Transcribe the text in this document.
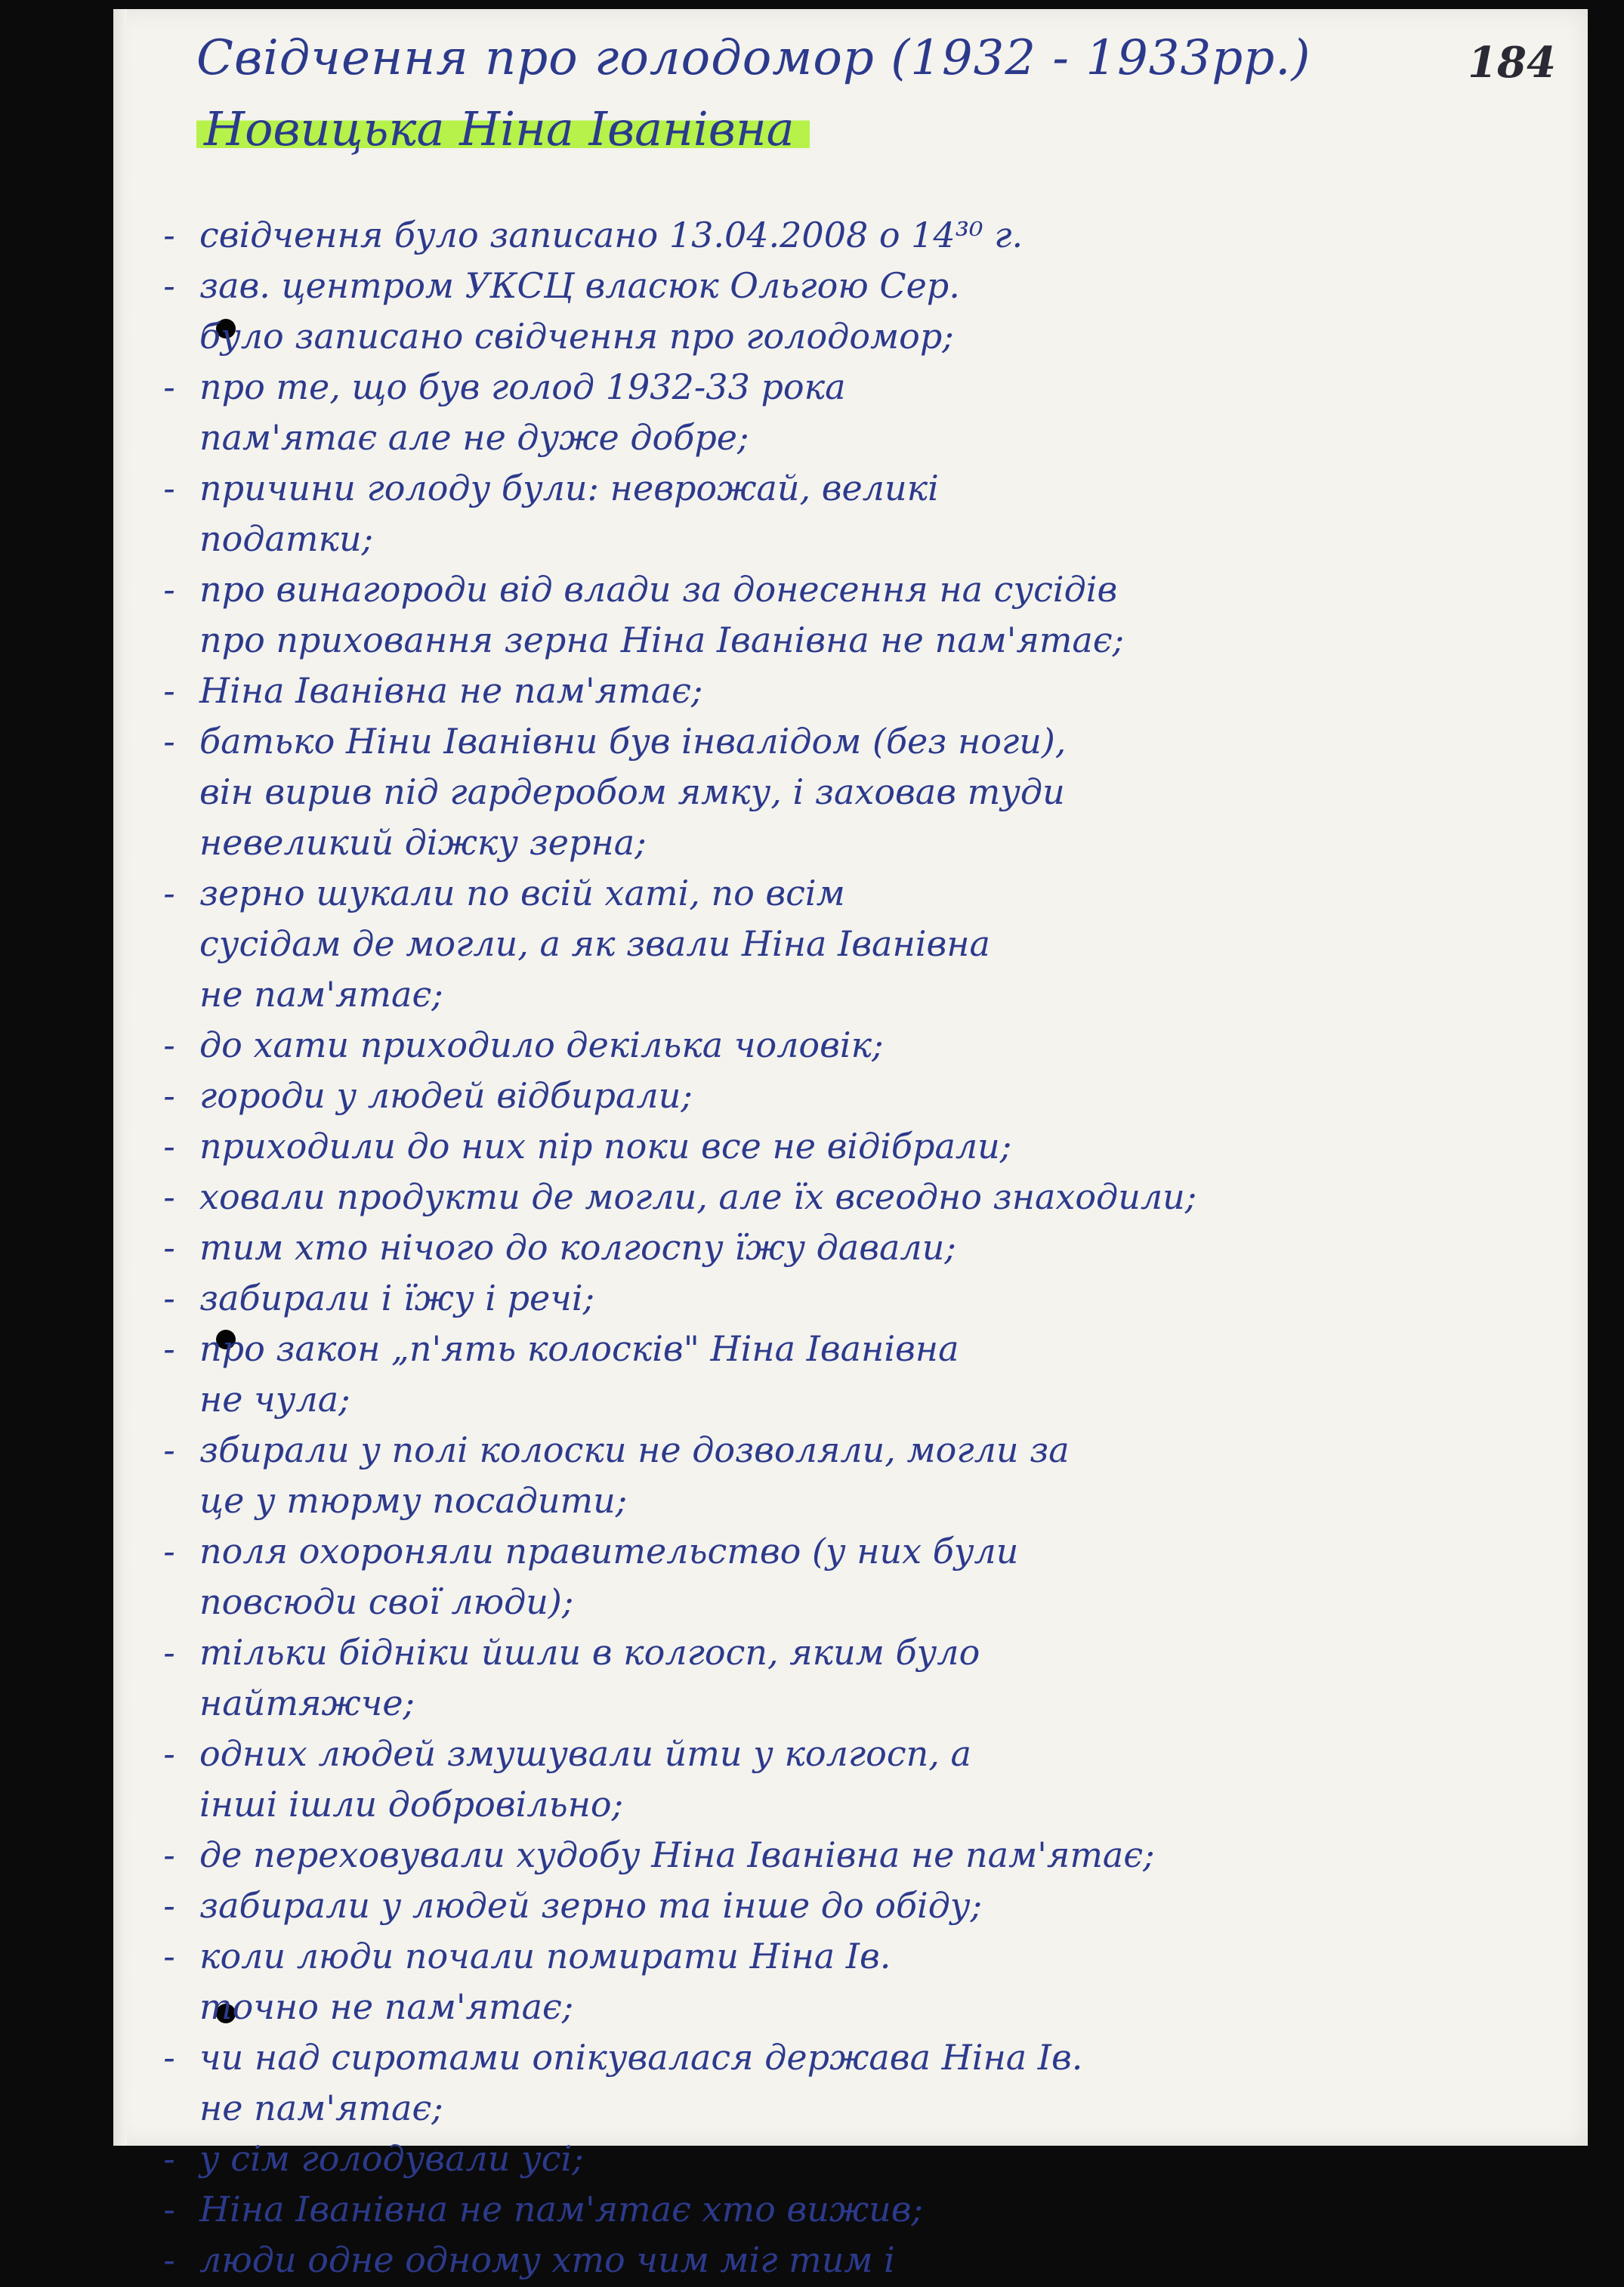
Свідчення про голодомор (1932 - 1933рр.)	184
Новицька Ніна Іванівна
- свідчення було записано 13.04.2008 о 14³⁰ г.
- зав. центром УКСЦ власюк Ольгою Сер.
було записано свідчення про голодомор;
- про те, що був голод 1932-33 рока
пам'ятає але не дуже добре;
- причини голоду були: неврожай, великі
податки;
- про винагороди від влади за донесення на сусідів
про приховання зерна Ніна Іванівна не пам'ятає;
- Ніна Іванівна не пам'ятає;
- батько Ніни Іванівни був інвалідом (без ноги),
він вирив під гардеробом ямку, і заховав туди
невеликий діжку зерна;
- зерно шукали по всій хаті, по всім
сусідам де могли, а як звали Ніна Іванівна
не пам'ятає;
- до хати приходило декілька чоловік;
- городи у людей відбирали;
- приходили до них пір поки все не відібрали;
- ховали продукти де могли, але їх всеодно знаходили;
- тим хто нічого до колгоспу їжу давали;
- забирали і їжу і речі;
- про закон „п'ять колосків" Ніна Іванівна
не чула;
- збирали у полі колоски не дозволяли, могли за
це у тюрму посадити;
- поля охороняли правительство (у них були
повсюди свої люди);
- тільки бідніки йшли в колгосп, яким було
найтяжче;
- одних людей змушували йти у колгосп, а
інші ішли добровільно;
- де переховували худобу Ніна Іванівна не пам'ятає;
- забирали у людей зерно та інше до обіду;
- коли люди почали помирати Ніна Ів.
точно не пам'ятає;
- чи над сиротами опікувалася держава Ніна Ів.
не пам'ятає;
- у сім голодували усі;
- Ніна Іванівна не пам'ятає хто вижив;
- люди одне одному хто чим міг тим і
